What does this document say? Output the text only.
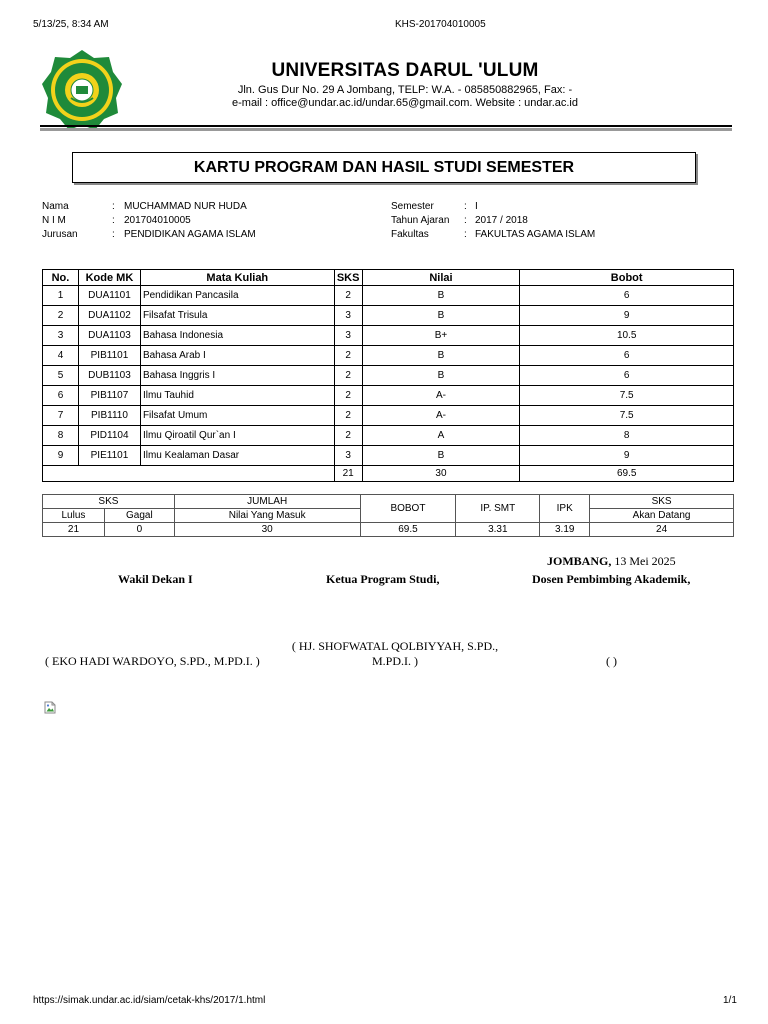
5/13/25, 8:34 AM	KHS-201704010005
UNIVERSITAS DARUL 'ULUM
Jln. Gus Dur No. 29 A Jombang, TELP: W.A. - 085850882965, Fax: -
e-mail : office@undar.ac.id/undar.65@gmail.com. Website : undar.ac.id
KARTU PROGRAM DAN HASIL STUDI SEMESTER
Nama	: MUCHAMMAD NUR HUDA
N I M	: 201704010005
Jurusan	: PENDIDIKAN AGAMA ISLAM
Semester	: I
Tahun Ajaran : 2017 / 2018
Fakultas	: FAKULTAS AGAMA ISLAM
No.	Kode MK	Mata Kuliah	SKS	Nilai	Bobot
1	DUA1101	Pendidikan Pancasila	2	B	6
2	DUA1102	Filsafat Trisula	3	B	9
3	DUA1103	Bahasa Indonesia	3	B+	10.5
4	PIB1101	Bahasa Arab I	2	B	6
5	DUB1103	Bahasa Inggris I	2	B	6
6	PIB1107	Ilmu Tauhid	2	A-	7.5
7	PIB1110	Filsafat Umum	2	A-	7.5
8	PID1104	Ilmu Qiroatil Qur`an I	2	A	8
9	PIE1101	Ilmu Kealaman Dasar	3	B	9
			21	30	69.5
SKS		JUMLAH	BOBOT	IP. SMT	IPK	SKS
Lulus	Gagal	Nilai Yang Masuk				Akan Datang
21	0	30	69.5	3.31	3.19	24
JOMBANG, 13 Mei 2025
Wakil Dekan I	Ketua Program Studi,	Dosen Pembimbing Akademik,
( HJ. SHOFWATAL QOLBIYYAH, S.PD.,
M.PD.I. )
( EKO HADI WARDOYO, S.PD., M.PD.I. )	( )
https://simak.undar.ac.id/siam/cetak-khs/2017/1.html	1/1
